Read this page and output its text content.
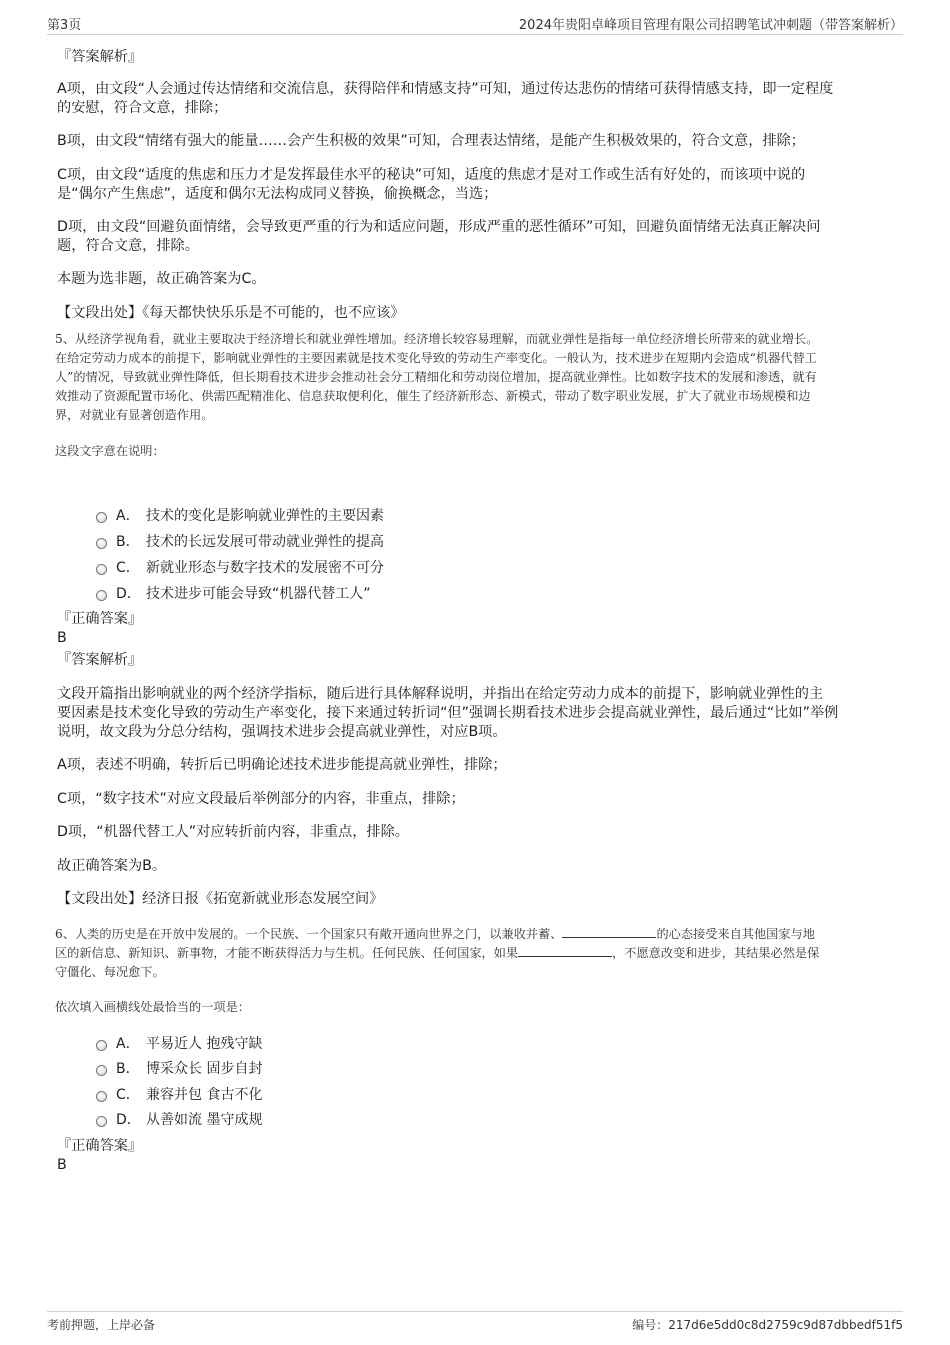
第3页	2024年贵阳卓峰项目管理有限公司招聘笔试冲刺题（带答案解析）
『答案解析』
A项，由文段“人会通过传达情绪和交流信息，获得陪伴和情感支持”可知，通过传达悲伤的情绪可获得情感支持，即一定程度
的安慰，符合文意，排除；
B项，由文段“情绪有强大的能量……会产生积极的效果”可知，合理表达情绪，是能产生积极效果的，符合文意，排除；
C项，由文段“适度的焦虑和压力才是发挥最佳水平的秘诀”可知，适度的焦虑才是对工作或生活有好处的，而该项中说的
是“偶尔产生焦虑”，适度和偶尔无法构成同义替换，偷换概念，当选；
D项，由文段“回避负面情绪，会导致更严重的行为和适应问题，形成严重的恶性循环”可知，回避负面情绪无法真正解决问
题，符合文意，排除。
本题为选非题，故正确答案为C。
【文段出处】《每天都快快乐乐是不可能的，也不应该》
5、从经济学视角看，就业主要取决于经济增长和就业弹性增加。经济增长较容易理解，而就业弹性是指每一单位经济增长所带来的就业增长。
在给定劳动力成本的前提下，影响就业弹性的主要因素就是技术变化导致的劳动生产率变化。一般认为，技术进步在短期内会造成“机器代替工
人”的情况，导致就业弹性降低，但长期看技术进步会推动社会分工精细化和劳动岗位增加，提高就业弹性。比如数字技术的发展和渗透，就有
效推动了资源配置市场化、供需匹配精准化、信息获取便利化，催生了经济新形态、新模式，带动了数字职业发展，扩大了就业市场规模和边
界，对就业有显著创造作用。
这段文字意在说明：
A． 技术的变化是影响就业弹性的主要因素
B． 技术的长远发展可带动就业弹性的提高
C． 新就业形态与数字技术的发展密不可分
D． 技术进步可能会导致“机器代替工人”
『正确答案』
B
『答案解析』
文段开篇指出影响就业的两个经济学指标，随后进行具体解释说明，并指出在给定劳动力成本的前提下，影响就业弹性的主
要因素是技术变化导致的劳动生产率变化，接下来通过转折词“但”强调长期看技术进步会提高就业弹性，最后通过“比如”举例
说明，故文段为分总分结构，强调技术进步会提高就业弹性，对应B项。
A项，表述不明确，转折后已明确论述技术进步能提高就业弹性，排除；
C项，“数字技术”对应文段最后举例部分的内容，非重点，排除；
D项，“机器代替工人”对应转折前内容，非重点，排除。
故正确答案为B。
【文段出处】经济日报《拓宽新就业形态发展空间》
6、人类的历史是在开放中发展的。一个民族、一个国家只有敞开通向世界之门，以兼收并蓄、	的心态接受来自其他国家与地
区的新信息、新知识、新事物，才能不断获得活力与生机。任何民族、任何国家，如果	，不愿意改变和进步，其结果必然是保
守僵化、每况愈下。
依次填入画横线处最恰当的一项是：
A． 平易近人 抱残守缺
B． 博采众长 固步自封
C． 兼容并包 食古不化
D． 从善如流 墨守成规
『正确答案』
B
考前押题，上岸必备	编号：217d6e5dd0c8d2759c9d87dbbedf51f5
